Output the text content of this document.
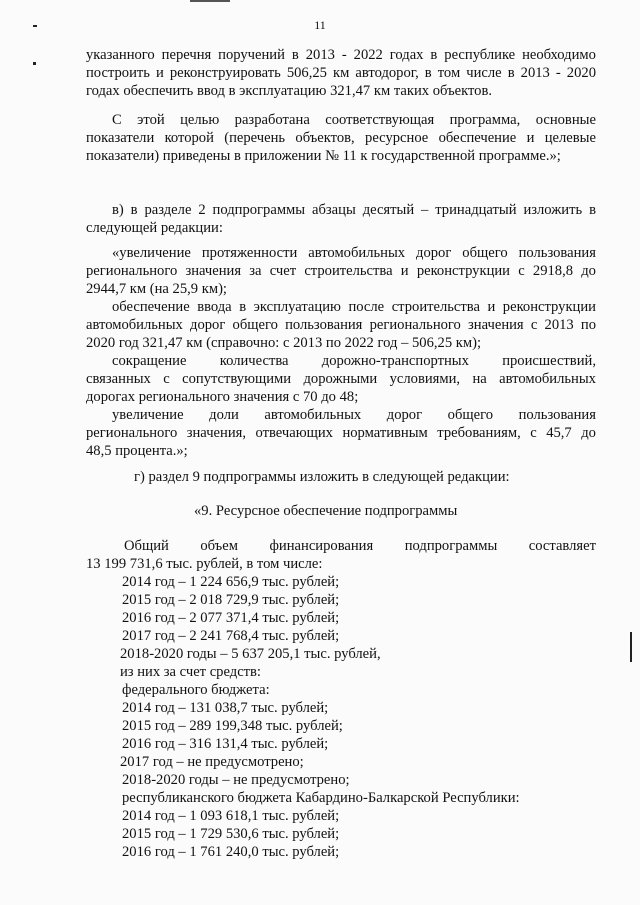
11
указанного перечня поручений в 2013 - 2022 годах в республике необходимо
построить и реконструировать 506,25 км автодорог, в том числе в 2013 - 2020
годах обеспечить ввод в эксплуатацию 321,47 км таких объектов.
С этой целью разработана соответствующая программа, основные
показатели которой (перечень объектов, ресурсное обеспечение и целевые
показатели) приведены в приложении № 11 к государственной программе.»;
в) в разделе 2 подпрограммы абзацы десятый – тринадцатый изложить в
следующей редакции:
«увеличение протяженности автомобильных дорог общего пользования
регионального значения за счет строительства и реконструкции с 2918,8 до
2944,7 км (на 25,9 км);
обеспечение ввода в эксплуатацию после строительства и реконструкции
автомобильных дорог общего пользования регионального значения с 2013 по
2020 год 321,47 км (справочно: с 2013 по 2022 год – 506,25 км);
сокращение количества дорожно-транспортных происшествий,
связанных с сопутствующими дорожными условиями, на автомобильных
дорогах регионального значения с 70 до 48;
увеличение доли автомобильных дорог общего пользования
регионального значения, отвечающих нормативным требованиям, с 45,7 до
48,5 процента.»;
г) раздел 9 подпрограммы изложить в следующей редакции:
«9. Ресурсное обеспечение подпрограммы
Общий объем финансирования подпрограммы составляет
13 199 731,6 тыс. рублей, в том числе:
2014 год – 1 224 656,9 тыс. рублей;
2015 год – 2 018 729,9 тыс. рублей;
2016 год – 2 077 371,4 тыс. рублей;
2017 год – 2 241 768,4 тыс. рублей;
2018-2020 годы – 5 637 205,1 тыс. рублей,
из них за счет средств:
федерального бюджета:
2014 год – 131 038,7 тыс. рублей;
2015 год – 289 199,348 тыс. рублей;
2016 год – 316 131,4 тыс. рублей;
2017 год – не предусмотрено;
2018-2020 годы – не предусмотрено;
республиканского бюджета Кабардино-Балкарской Республики:
2014 год – 1 093 618,1 тыс. рублей;
2015 год – 1 729 530,6 тыс. рублей;
2016 год – 1 761 240,0 тыс. рублей;
